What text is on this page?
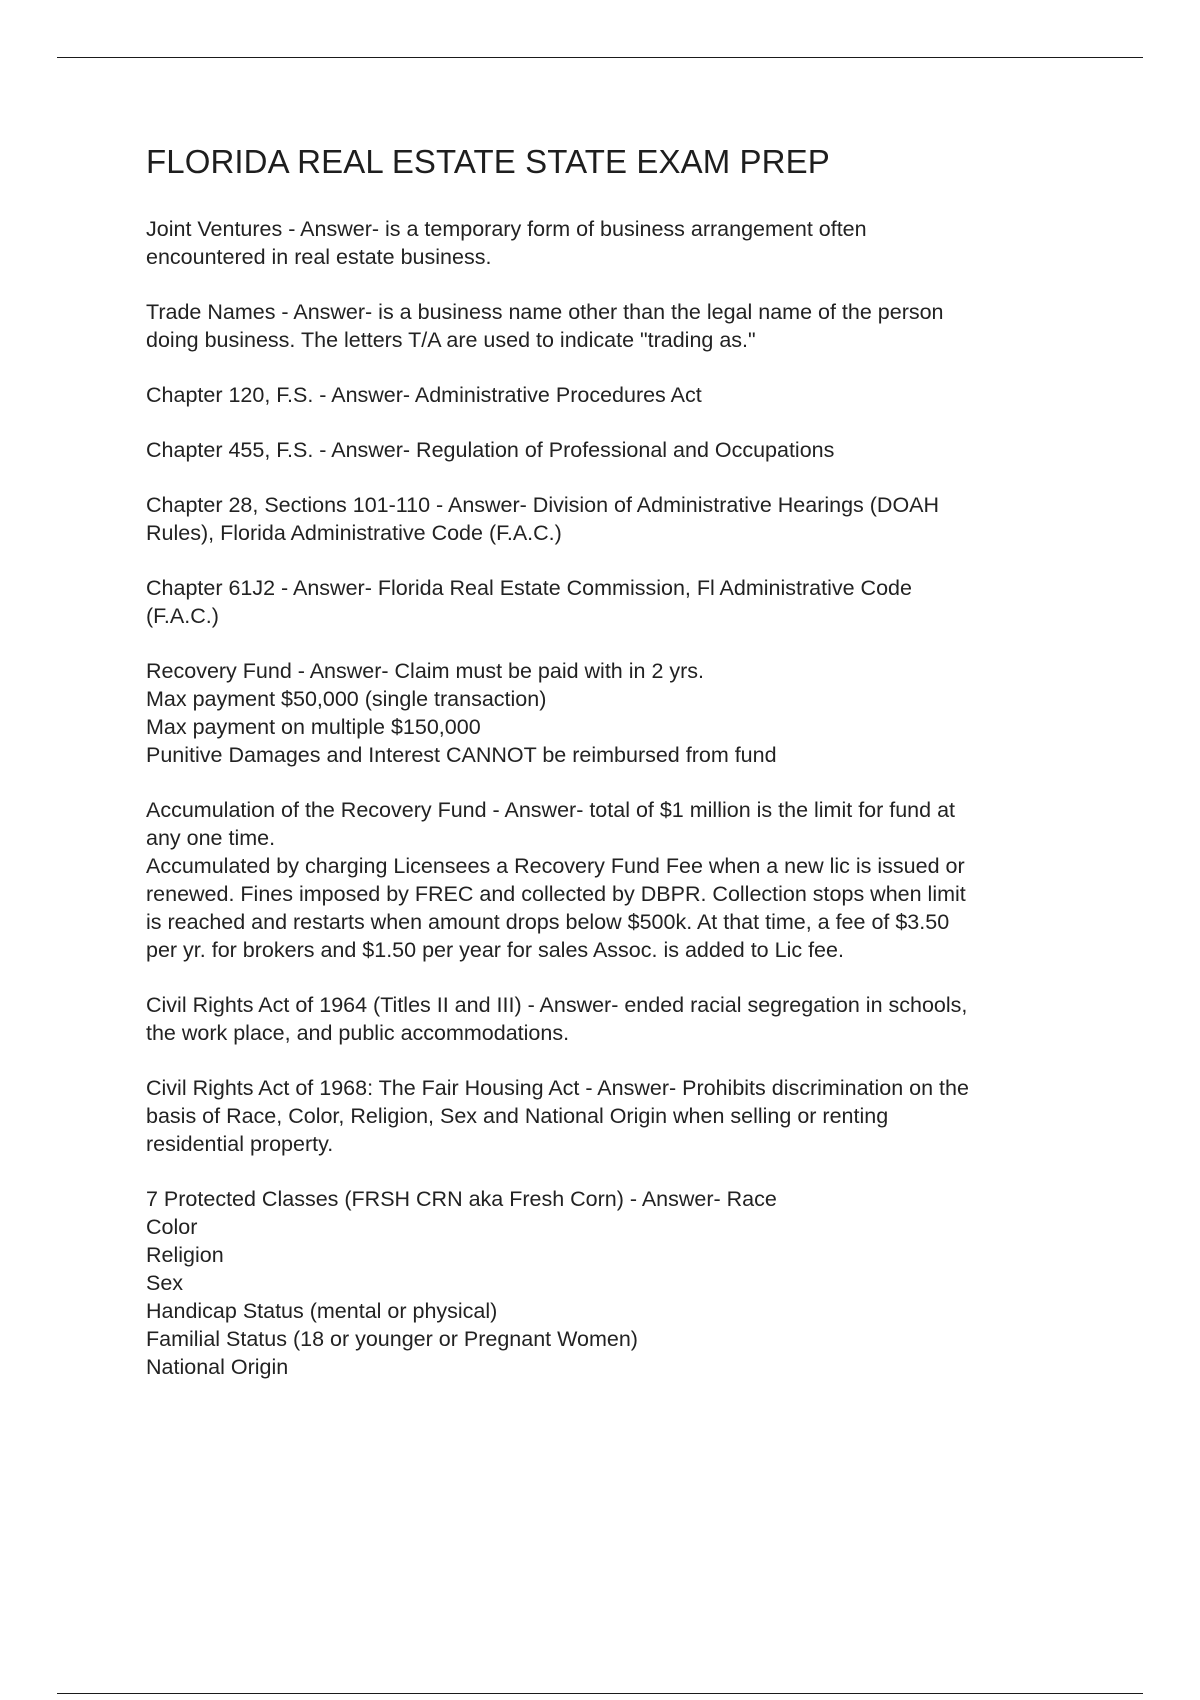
FLORIDA REAL ESTATE STATE EXAM PREP
Joint Ventures - Answer- is a temporary form of business arrangement often
encountered in real estate business.
Trade Names - Answer- is a business name other than the legal name of the person
doing business. The letters T/A are used to indicate "trading as."
Chapter 120, F.S. - Answer- Administrative Procedures Act
Chapter 455, F.S. - Answer- Regulation of Professional and Occupations
Chapter 28, Sections 101-110 - Answer- Division of Administrative Hearings (DOAH
Rules), Florida Administrative Code (F.A.C.)
Chapter 61J2 - Answer- Florida Real Estate Commission, Fl Administrative Code
(F.A.C.)
Recovery Fund - Answer- Claim must be paid with in 2 yrs.
Max payment $50,000 (single transaction)
Max payment on multiple $150,000
Punitive Damages and Interest CANNOT be reimbursed from fund
Accumulation of the Recovery Fund - Answer- total of $1 million is the limit for fund at
any one time.
Accumulated by charging Licensees a Recovery Fund Fee when a new lic is issued or
renewed. Fines imposed by FREC and collected by DBPR. Collection stops when limit
is reached and restarts when amount drops below $500k. At that time, a fee of $3.50
per yr. for brokers and $1.50 per year for sales Assoc. is added to Lic fee.
Civil Rights Act of 1964 (Titles II and III) - Answer- ended racial segregation in schools,
the work place, and public accommodations.
Civil Rights Act of 1968: The Fair Housing Act - Answer- Prohibits discrimination on the
basis of Race, Color, Religion, Sex and National Origin when selling or renting
residential property.
7 Protected Classes (FRSH CRN aka Fresh Corn) - Answer- Race
Color
Religion
Sex
Handicap Status (mental or physical)
Familial Status (18 or younger or Pregnant Women)
National Origin
